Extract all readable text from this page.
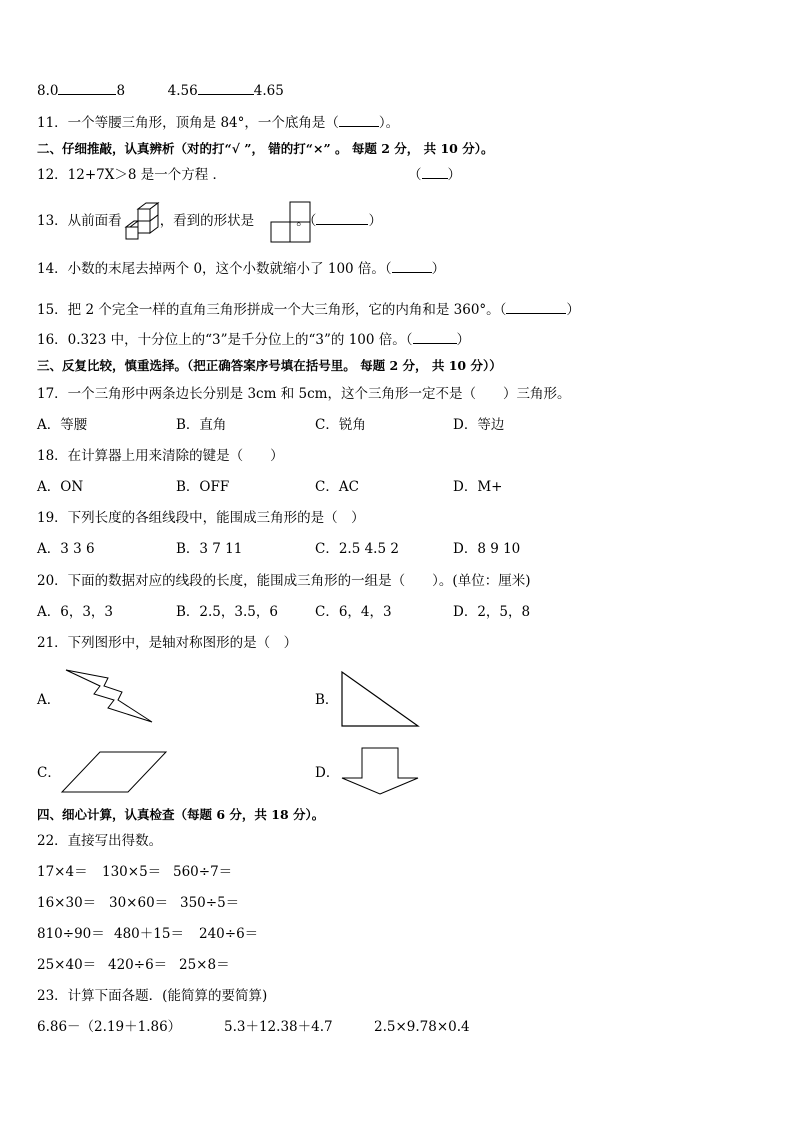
8.0	8	4.56	4.65
11．一个等腰三角形，顶角是 84°，一个底角是（	）。
二、仔细推敲，认真辨析（对的打“√ ”， 错的打“×” 。 每题 2 分， 共 10 分）。
12．12+7X＞8 是一个方程 ．	（ ）
13．从前面看	，看到的形状是	。（	）
14．小数的末尾去掉两个 0，这个小数就缩小了 100 倍。（	）
15．把 2 个完全一样的直角三角形拼成一个大三角形，它的内角和是 360°。（	）
16．0.323 中，十分位上的“3”是千分位上的“3”的 100 倍。（	）
三、反复比较，慎重选择。（把正确答案序号填在括号里。 每题 2 分， 共 10 分））
17．一个三角形中两条边长分别是 3cm 和 5cm，这个三角形一定不是（　　）三角形。
A．等腰	B．直角	C．锐角	D．等边
18．在计算器上用来清除的键是（　　）
A．ON	B．OFF	C．AC	D．M+
19．下列长度的各组线段中，能围成三角形的是（　）
A．3 3 6	B．3 7 11	C．2.5 4.5 2	D．8 9 10
20．下面的数据对应的线段的长度，能围成三角形的一组是（　　）。(单位：厘米)
A．6，3，3	B．2.5，3.5，6	C．6，4，3	D．2，5，8
21．下列图形中，是轴对称图形的是（　）
A．	B．
C．	D．
四、细心计算，认真检查（每题 6 分，共 18 分）。
22．直接写出得数。
17×4＝ 130×5＝ 560÷7＝
16×30＝ 30×60＝ 350÷5＝
810÷90＝ 480＋15＝ 240÷6＝
25×40＝ 420÷6＝ 25×8＝
23．计算下面各题．(能简算的要简算)
6.86－（2.19＋1.86）	5.3＋12.38＋4.7	2.5×9.78×0.4
